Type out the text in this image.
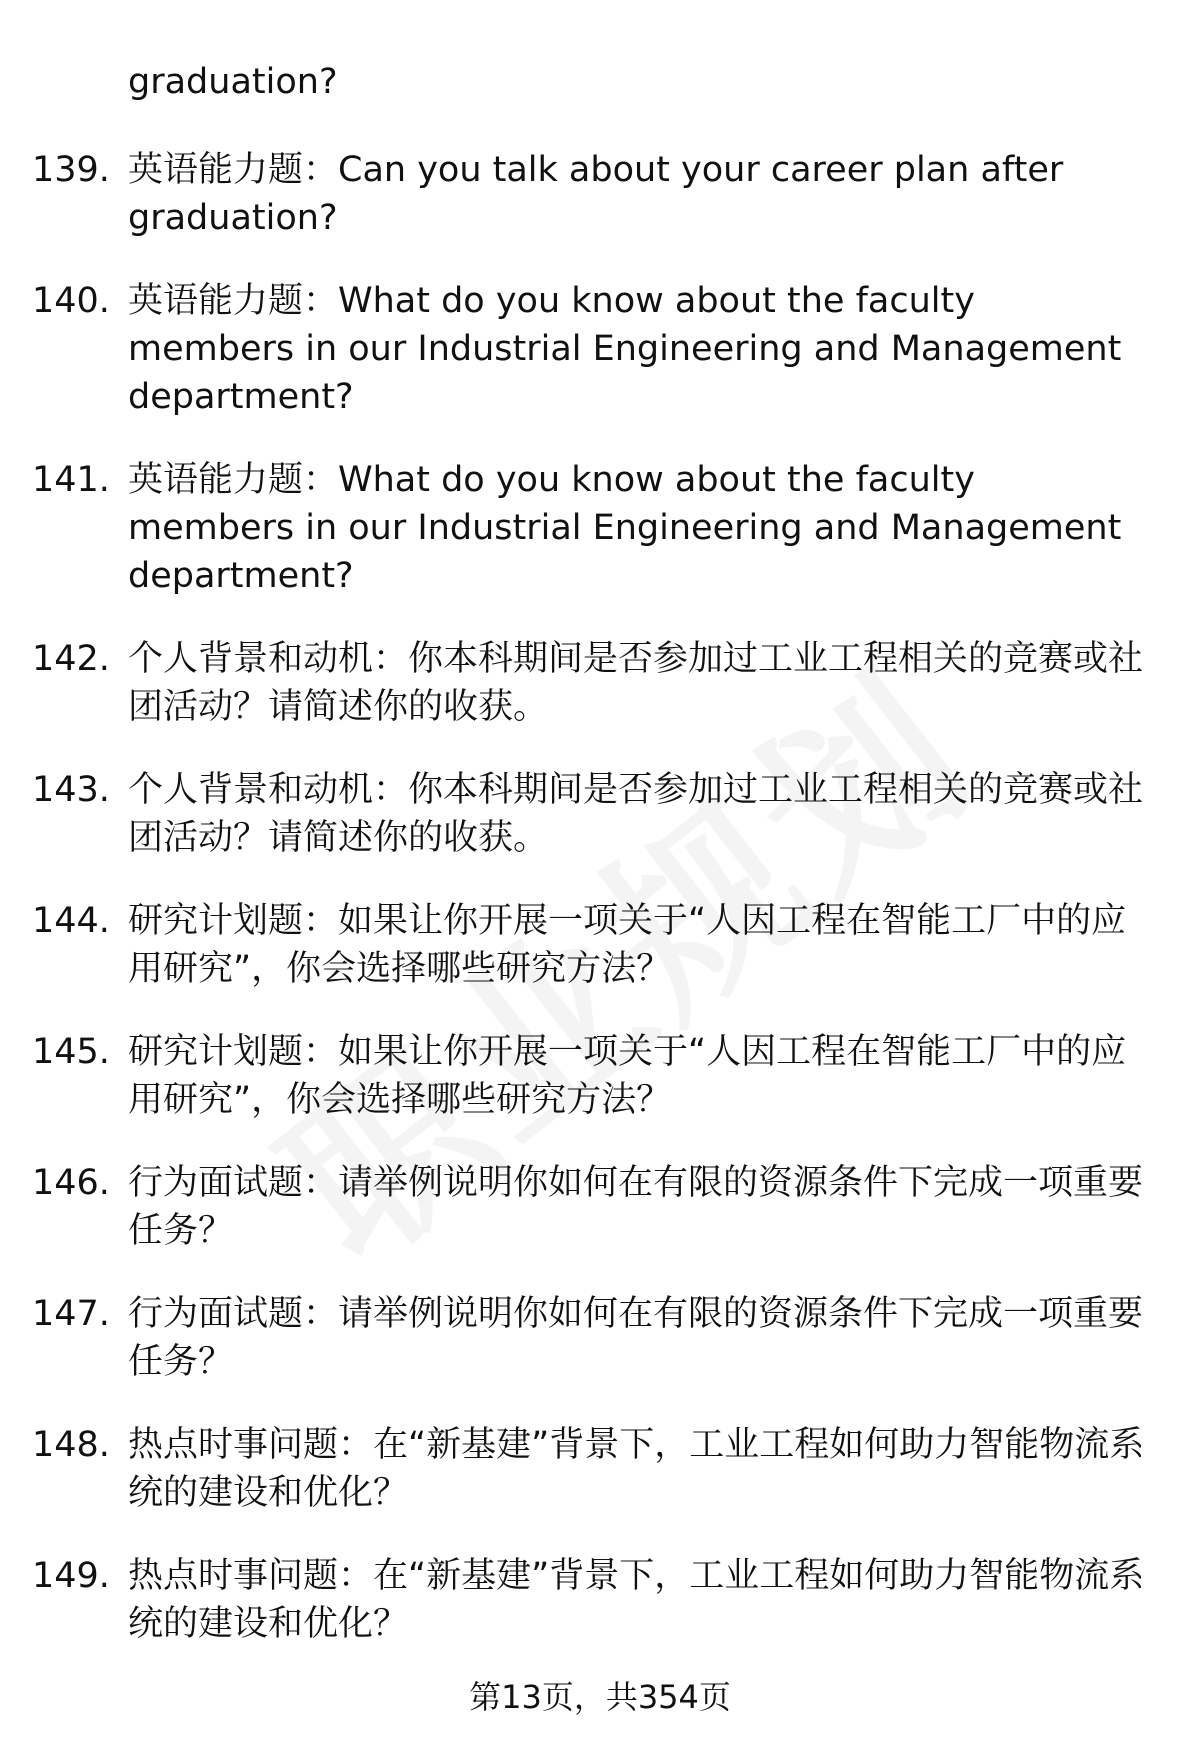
graduation?
139. 英语能力题：Can you talk about your career plan after graduation?
140. 英语能力题：What do you know about the faculty members in our Industrial Engineering and Management department?
141. 英语能力题：What do you know about the faculty members in our Industrial Engineering and Management department?
142. 个人背景和动机：你本科期间是否参加过工业工程相关的竞赛或社团活动？请简述你的收获。
143. 个人背景和动机：你本科期间是否参加过工业工程相关的竞赛或社团活动？请简述你的收获。
144. 研究计划题：如果让你开展一项关于“人因工程在智能工厂中的应用研究”，你会选择哪些研究方法？
145. 研究计划题：如果让你开展一项关于“人因工程在智能工厂中的应用研究”，你会选择哪些研究方法？
146. 行为面试题：请举例说明你如何在有限的资源条件下完成一项重要任务？
147. 行为面试题：请举例说明你如何在有限的资源条件下完成一项重要任务？
148. 热点时事问题：在“新基建”背景下，工业工程如何助力智能物流系统的建设和优化？
149. 热点时事问题：在“新基建”背景下，工业工程如何助力智能物流系统的建设和优化？
第13页，共354页
